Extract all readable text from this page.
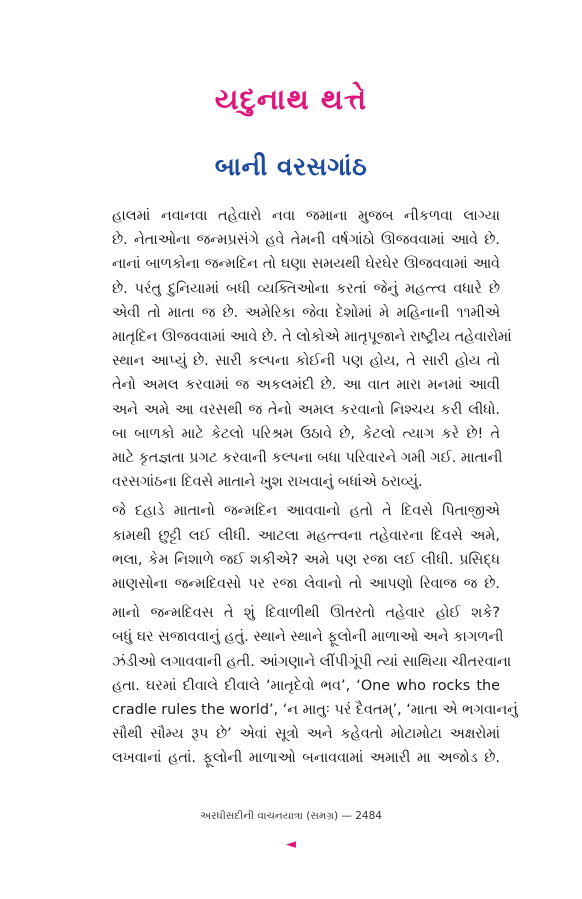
યદુનાથ થત્તે
બાની વરસગાંઠ

હાલમાં નવાનવા તહેવારો નવા જમાના મુજબ નીકળવા લાગ્યા
છે. નેતાઓના જન્મપ્રસંગે હવે તેમની વર્ષગાંઠો ઊજવવામાં આવે છે.
નાનાં બાળકોના જન્મદિન તો ઘણા સમયથી ઘેરઘેર ઊજવવામાં આવે
છે. પરંતુ દુનિયામાં બધી વ્યક્તિઓના કરતાં જેનું મહત્ત્વ વધારે છે
એવી તો માતા જ છે. અમેરિકા જેવા દેશોમાં મે મહિનાની ૧૧મીએ
માતૃદિન ઊજવવામાં આવે છે. તે લોકોએ માતૃપૂજાને રાષ્ટ્રીય તહેવારોમાં
સ્થાન આપ્યું છે. સારી કલ્પના કોઈની પણ હોય, તે સારી હોય તો
તેનો અમલ કરવામાં જ અકલમંદી છે. આ વાત મારા મનમાં આવી
અને અમે આ વરસથી જ તેનો અમલ કરવાનો નિશ્ચય કરી લીધો.
બા બાળકો માટે કેટલો પરિશ્રમ ઉઠાવે છે, કેટલો ત્યાગ કરે છે! તે
માટે કૃતજ્ઞતા પ્રગટ કરવાની કલ્પના બધા પરિવારને ગમી ગઈ. માતાની
વરસગાંઠના દિવસે માતાને ખુશ રાખવાનું બધાંએ ઠરાવ્યું.

જે દહાડે માતાનો જન્મદિન આવવાનો હતો તે દિવસે પિતાજીએ
કામથી છુટ્ટી લઈ લીધી. આટલા મહત્ત્વના તહેવારના દિવસે અમે,
ભલા, કેમ નિશાળે જઈ શકીએ? અમે પણ રજા લઈ લીધી. પ્રસિદ્ધ
માણસોના જન્મદિવસો પર રજા લેવાનો તો આપણો રિવાજ જ છે.

માનો જન્મદિવસ તે શું દિવાળીથી ઊતરતો તહેવાર હોઈ શકે?
બધું ઘર સજાવવાનું હતું. સ્થાને સ્થાને ફૂલોની માળાઓ અને કાગળની
ઝંડીઓ લગાવવાની હતી. આંગણાને લીંપીગૂંપી ત્યાં સાથિયા ચીતરવાના
હતા. ઘરમાં દીવાલે દીવાલે ‘માતૃદેવો ભવ’, ‘One who rocks the
cradle rules the world’, ‘ન માતુઃ પરં દૈવતમ્’, ‘માતા એ ભગવાનનું
સૌથી સૌમ્ય રૂપ છે’ એવાં સૂત્રો અને કહેવતો મોટામોટા અક્ષરોમાં
લખવાનાં હતાં. ફૂલોની માળાઓ બનાવવામાં અમારી મા અજોડ છે.

અરધીસદીની વાચનયાત્રા (સમગ્ર) — 2484
◄
